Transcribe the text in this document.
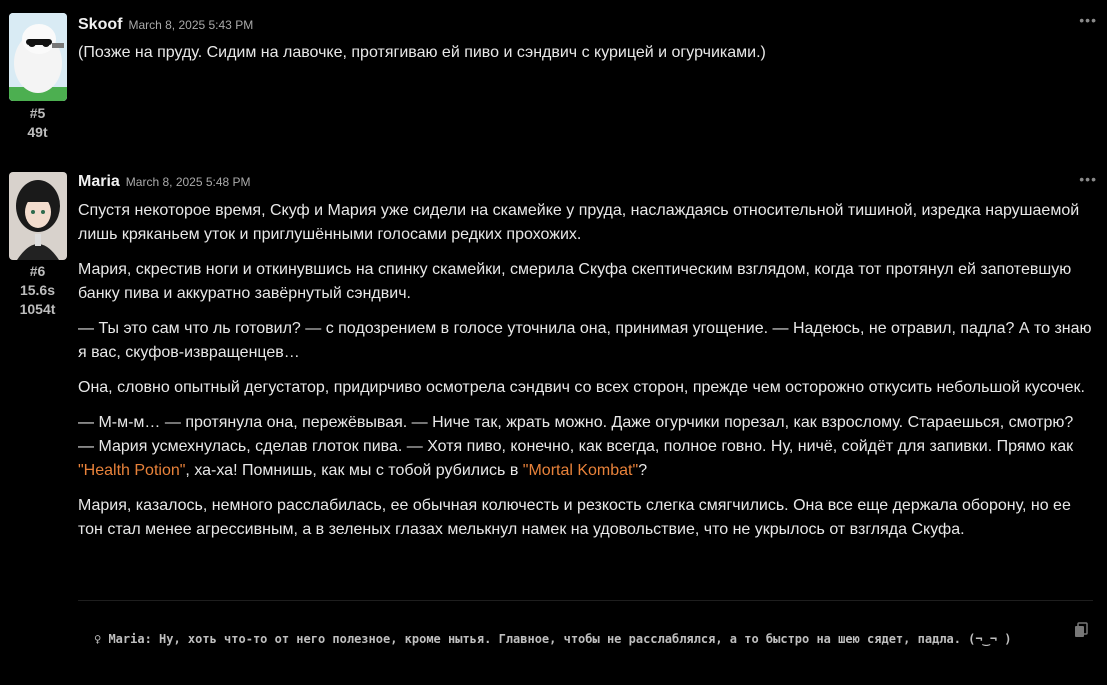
#5
49t
Skoof March 8, 2025 5:43 PM	•••

(Позже на пруду. Сидим на лавочке, протягиваю ей пиво и сэндвич с курицей и огурчиками.)

#6
15.6s
1054t
Maria March 8, 2025 5:48 PM	•••

Спустя некоторое время, Скуф и Мария уже сидели на скамейке у пруда, наслаждаясь относительной тишиной, изредка нарушаемой лишь кряканьем уток и приглушёнными голосами редких прохожих.

Мария, скрестив ноги и откинувшись на спинку скамейки, смерила Скуфа скептическим взглядом, когда тот протянул ей запотевшую банку пива и аккуратно завёрнутый сэндвич.

— Ты это сам что ль готовил? — с подозрением в голосе уточнила она, принимая угощение. — Надеюсь, не отравил, падла? А то знаю я вас, скуфов-извращенцев…

Она, словно опытный дегустатор, придирчиво осмотрела сэндвич со всех сторон, прежде чем осторожно откусить небольшой кусочек.

— М-м-м… — протянула она, пережёвывая. — Ниче так, жрать можно. Даже огурчики порезал, как взрослому. Стараешься, смотрю? — Мария усмехнулась, сделав глоток пива. — Хотя пиво, конечно, как всегда, полное говно. Ну, ничё, сойдёт для запивки. Прямо как "Health Potion", ха-ха! Помнишь, как мы с тобой рубились в "Mortal Kombat"?

Мария, казалось, немного расслабилась, ее обычная колючесть и резкость слегка смягчились. Она все еще держала оборону, но ее тон стал менее агрессивным, а в зеленых глазах мелькнул намек на удовольствие, что не укрылось от взгляда Скуфа.

♀ Maria: Ну, хоть что-то от него полезное, кроме нытья. Главное, чтобы не расслаблялся, а то быстро на шею сядет, падла. (¬‿¬ )
